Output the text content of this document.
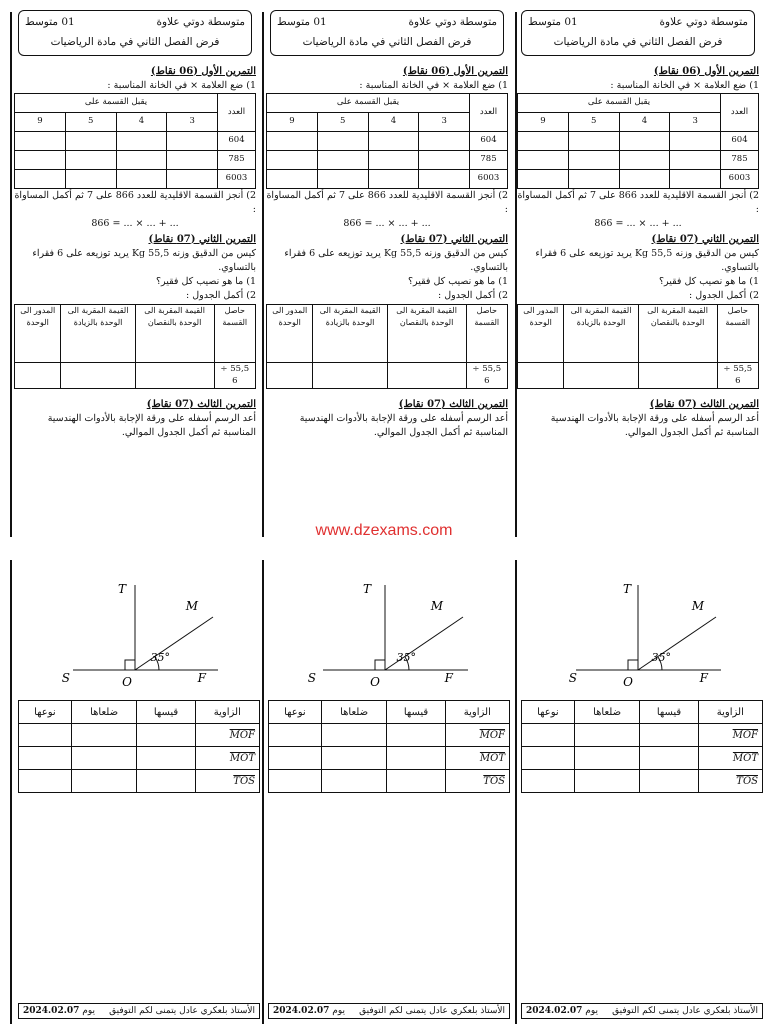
متوسطة دوتي علاوة
01 متوسط
فرض الفصل الثاني في مادة الرياضيات
التمرين الأول (06 نقاط)
1) ضع العلامة × في الخانة المناسبة :
العدد	يقبل القسمة على			
	3	4	5	9
604				
785				
6003				
2) أنجز القسمة الاقليدية للعدد 866 على 7 ثم أكمل المساواة :
866 = ... × ... + ...
التمرين الثاني (07 نقاط)
كيس من الدقيق وزنه 55,5 Kg يريد توزيعه على 6 فقراء بالتساوي.
1) ما هو نصيب كل فقير؟
2) أكمل الجدول :
حاصل القسمة	القيمة المقربة الى الوحدة بالنقصان	القيمة المقربة الى الوحدة بالزيادة	المدور الى الوحدة
55,5 ÷ 6			
التمرين الثالث (07 نقاط)
أعد الرسم أسفله على ورقة الإجابة بالأدوات الهندسية المناسبة ثم أكمل الجدول الموالي.
متوسطة دوتي علاوة
01 متوسط
فرض الفصل الثاني في مادة الرياضيات
التمرين الأول (06 نقاط)
1) ضع العلامة × في الخانة المناسبة :
العدد	يقبل القسمة على			
	3	4	5	9
604				
785				
6003				
2) أنجز القسمة الاقليدية للعدد 866 على 7 ثم أكمل المساواة :
866 = ... × ... + ...
التمرين الثاني (07 نقاط)
كيس من الدقيق وزنه 55,5 Kg يريد توزيعه على 6 فقراء بالتساوي.
1) ما هو نصيب كل فقير؟
2) أكمل الجدول :
حاصل القسمة	القيمة المقربة الى الوحدة بالنقصان	القيمة المقربة الى الوحدة بالزيادة	المدور الى الوحدة
55,5 ÷ 6			
التمرين الثالث (07 نقاط)
أعد الرسم أسفله على ورقة الإجابة بالأدوات الهندسية المناسبة ثم أكمل الجدول الموالي.
متوسطة دوتي علاوة
01 متوسط
فرض الفصل الثاني في مادة الرياضيات
التمرين الأول (06 نقاط)
1) ضع العلامة × في الخانة المناسبة :
العدد	يقبل القسمة على			
	3	4	5	9
604				
785				
6003				
2) أنجز القسمة الاقليدية للعدد 866 على 7 ثم أكمل المساواة :
866 = ... × ... + ...
التمرين الثاني (07 نقاط)
كيس من الدقيق وزنه 55,5 Kg يريد توزيعه على 6 فقراء بالتساوي.
1) ما هو نصيب كل فقير؟
2) أكمل الجدول :
حاصل القسمة	القيمة المقربة الى الوحدة بالنقصان	القيمة المقربة الى الوحدة بالزيادة	المدور الى الوحدة
55,5 ÷ 6			
التمرين الثالث (07 نقاط)
أعد الرسم أسفله على ورقة الإجابة بالأدوات الهندسية المناسبة ثم أكمل الجدول الموالي.
www.dzexams.com
T
M
S	O	F
35°
الزاوية	قيسها	ضلعاها	نوعها
MOF			
MOT			
TOS			
T
M
S	O	F
35°
الزاوية	قيسها	ضلعاها	نوعها
MOF			
MOT			
TOS			
T
M
S	O	F
35°
الزاوية	قيسها	ضلعاها	نوعها
MOF			
MOT			
TOS			
الأستاذ بلعكري عادل يتمنى لكم التوفيق
يوم 2024.02.07
الأستاذ بلعكري عادل يتمنى لكم التوفيق
يوم 2024.02.07
الأستاذ بلعكري عادل يتمنى لكم التوفيق
يوم 2024.02.07
